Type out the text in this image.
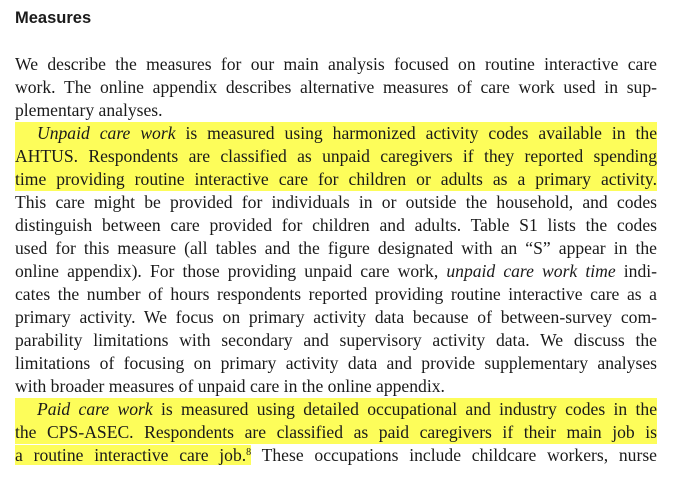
Measures
We describe the measures for our main analysis focused on routine interactive care
work. The online appendix describes alternative measures of care work used in sup-
plementary analyses.
Unpaid care work is measured using harmonized activity codes available in the
AHTUS. Respondents are classified as unpaid caregivers if they reported spending
time providing routine interactive care for children or adults as a primary activity.
This care might be provided for individuals in or outside the household, and codes
distinguish between care provided for children and adults. Table S1 lists the codes
used for this measure (all tables and the figure designated with an “S” appear in the
online appendix). For those providing unpaid care work, unpaid care work time indi-
cates the number of hours respondents reported providing routine interactive care as a
primary activity. We focus on primary activity data because of between-survey com-
parability limitations with secondary and supervisory activity data. We discuss the
limitations of focusing on primary activity data and provide supplementary analyses
with broader measures of unpaid care in the online appendix.
Paid care work is measured using detailed occupational and industry codes in the
the CPS-ASEC. Respondents are classified as paid caregivers if their main job is
a routine interactive care job.$^8$ These occupations include childcare workers, nurse
